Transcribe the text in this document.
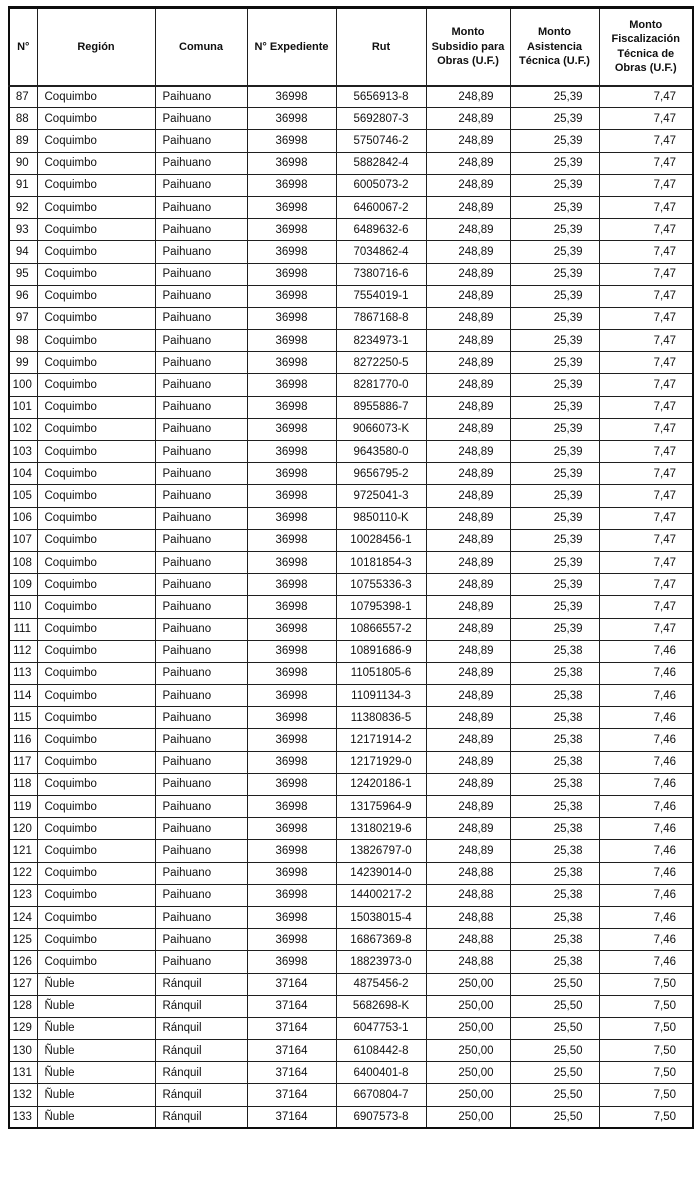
N°	Región	Comuna	N° Expediente	Rut	Monto Subsidio para Obras (U.F.)	Monto Asistencia Técnica (U.F.)	Monto Fiscalización Técnica de Obras (U.F.)
87	Coquimbo	Paihuano	36998	5656913-8	248,89	25,39	7,47
88	Coquimbo	Paihuano	36998	5692807-3	248,89	25,39	7,47
89	Coquimbo	Paihuano	36998	5750746-2	248,89	25,39	7,47
90	Coquimbo	Paihuano	36998	5882842-4	248,89	25,39	7,47
91	Coquimbo	Paihuano	36998	6005073-2	248,89	25,39	7,47
92	Coquimbo	Paihuano	36998	6460067-2	248,89	25,39	7,47
93	Coquimbo	Paihuano	36998	6489632-6	248,89	25,39	7,47
94	Coquimbo	Paihuano	36998	7034862-4	248,89	25,39	7,47
95	Coquimbo	Paihuano	36998	7380716-6	248,89	25,39	7,47
96	Coquimbo	Paihuano	36998	7554019-1	248,89	25,39	7,47
97	Coquimbo	Paihuano	36998	7867168-8	248,89	25,39	7,47
98	Coquimbo	Paihuano	36998	8234973-1	248,89	25,39	7,47
99	Coquimbo	Paihuano	36998	8272250-5	248,89	25,39	7,47
100	Coquimbo	Paihuano	36998	8281770-0	248,89	25,39	7,47
101	Coquimbo	Paihuano	36998	8955886-7	248,89	25,39	7,47
102	Coquimbo	Paihuano	36998	9066073-K	248,89	25,39	7,47
103	Coquimbo	Paihuano	36998	9643580-0	248,89	25,39	7,47
104	Coquimbo	Paihuano	36998	9656795-2	248,89	25,39	7,47
105	Coquimbo	Paihuano	36998	9725041-3	248,89	25,39	7,47
106	Coquimbo	Paihuano	36998	9850110-K	248,89	25,39	7,47
107	Coquimbo	Paihuano	36998	10028456-1	248,89	25,39	7,47
108	Coquimbo	Paihuano	36998	10181854-3	248,89	25,39	7,47
109	Coquimbo	Paihuano	36998	10755336-3	248,89	25,39	7,47
110	Coquimbo	Paihuano	36998	10795398-1	248,89	25,39	7,47
111	Coquimbo	Paihuano	36998	10866557-2	248,89	25,39	7,47
112	Coquimbo	Paihuano	36998	10891686-9	248,89	25,38	7,46
113	Coquimbo	Paihuano	36998	11051805-6	248,89	25,38	7,46
114	Coquimbo	Paihuano	36998	11091134-3	248,89	25,38	7,46
115	Coquimbo	Paihuano	36998	11380836-5	248,89	25,38	7,46
116	Coquimbo	Paihuano	36998	12171914-2	248,89	25,38	7,46
117	Coquimbo	Paihuano	36998	12171929-0	248,89	25,38	7,46
118	Coquimbo	Paihuano	36998	12420186-1	248,89	25,38	7,46
119	Coquimbo	Paihuano	36998	13175964-9	248,89	25,38	7,46
120	Coquimbo	Paihuano	36998	13180219-6	248,89	25,38	7,46
121	Coquimbo	Paihuano	36998	13826797-0	248,89	25,38	7,46
122	Coquimbo	Paihuano	36998	14239014-0	248,88	25,38	7,46
123	Coquimbo	Paihuano	36998	14400217-2	248,88	25,38	7,46
124	Coquimbo	Paihuano	36998	15038015-4	248,88	25,38	7,46
125	Coquimbo	Paihuano	36998	16867369-8	248,88	25,38	7,46
126	Coquimbo	Paihuano	36998	18823973-0	248,88	25,38	7,46
127	Ñuble	Ránquil	37164	4875456-2	250,00	25,50	7,50
128	Ñuble	Ránquil	37164	5682698-K	250,00	25,50	7,50
129	Ñuble	Ránquil	37164	6047753-1	250,00	25,50	7,50
130	Ñuble	Ránquil	37164	6108442-8	250,00	25,50	7,50
131	Ñuble	Ránquil	37164	6400401-8	250,00	25,50	7,50
132	Ñuble	Ránquil	37164	6670804-7	250,00	25,50	7,50
133	Ñuble	Ránquil	37164	6907573-8	250,00	25,50	7,50
